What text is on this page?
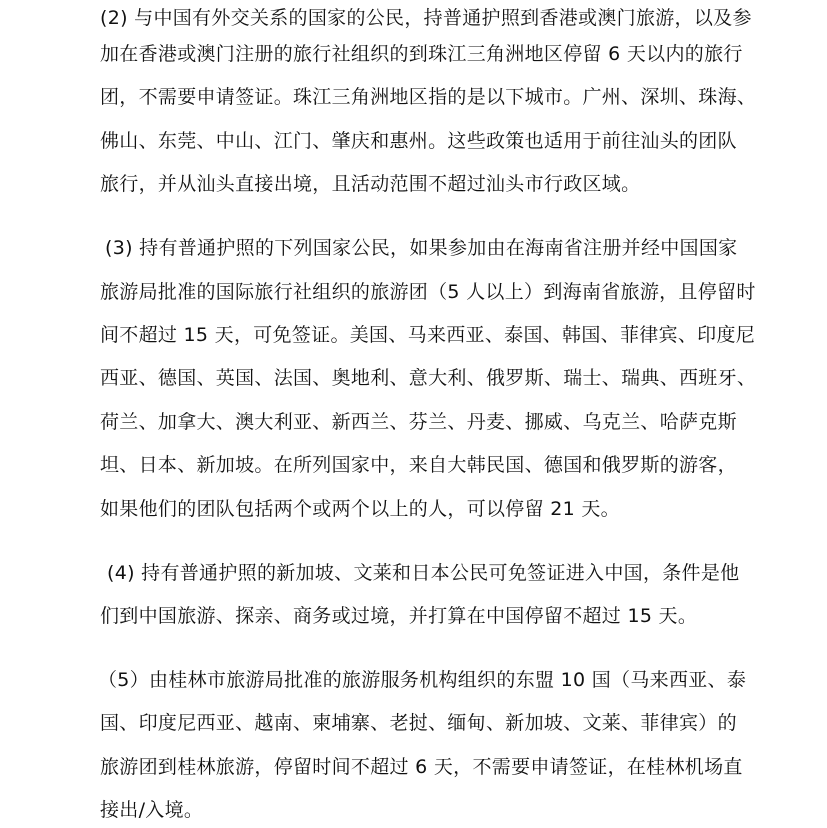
(2) 与中国有外交关系的国家的公民，持普通护照到香港或澳门旅游，以及参

加在香港或澳门注册的旅行社组织的到珠江三角洲地区停留 6 天以内的旅行

团，不需要申请签证。珠江三角洲地区指的是以下城市。广州、深圳、珠海、

佛山、东莞、中山、江门、肇庆和惠州。这些政策也适用于前往汕头的团队

旅行，并从汕头直接出境，且活动范围不超过汕头市行政区域。

(3) 持有普通护照的下列国家公民，如果参加由在海南省注册并经中国国家

旅游局批准的国际旅行社组织的旅游团（5 人以上）到海南省旅游，且停留时

间不超过 15 天，可免签证。美国、马来西亚、泰国、韩国、菲律宾、印度尼

西亚、德国、英国、法国、奥地利、意大利、俄罗斯、瑞士、瑞典、西班牙、

荷兰、加拿大、澳大利亚、新西兰、芬兰、丹麦、挪威、乌克兰、哈萨克斯

坦、日本、新加坡。在所列国家中，来自大韩民国、德国和俄罗斯的游客，

如果他们的团队包括两个或两个以上的人，可以停留 21 天。

(4) 持有普通护照的新加坡、文莱和日本公民可免签证进入中国，条件是他

们到中国旅游、探亲、商务或过境，并打算在中国停留不超过 15 天。

（5）由桂林市旅游局批准的旅游服务机构组织的东盟 10 国（马来西亚、泰

国、印度尼西亚、越南、柬埔寨、老挝、缅甸、新加坡、文莱、菲律宾）的

旅游团到桂林旅游，停留时间不超过 6 天，不需要申请签证，在桂林机场直

接出/入境。
